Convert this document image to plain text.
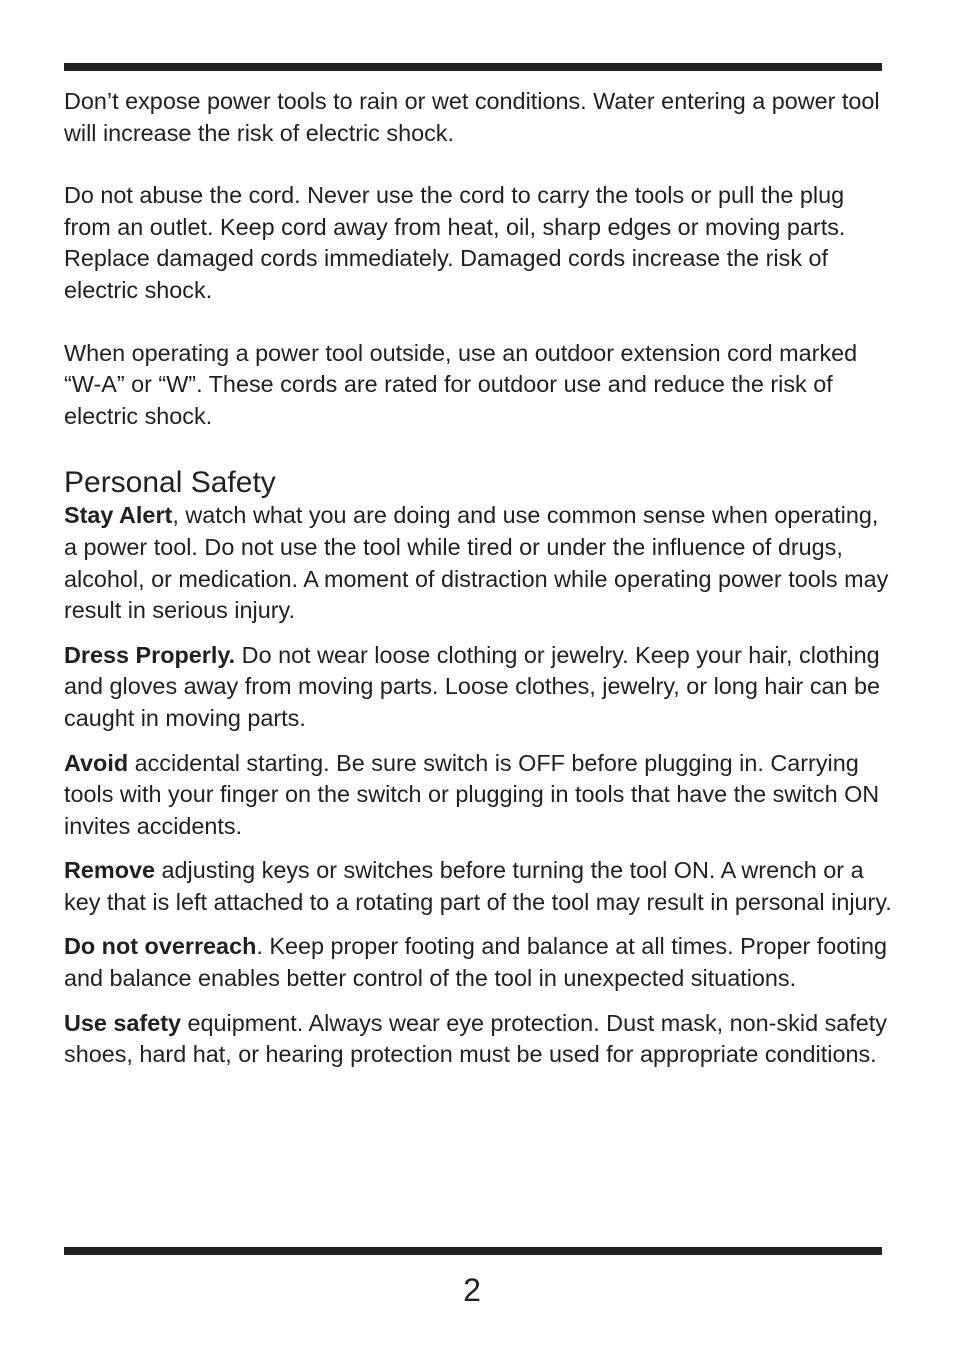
Don’t expose power tools to rain or wet conditions. Water entering a power tool will increase the risk of electric shock.

Do not abuse the cord. Never use the cord to carry the tools or pull the plug from an outlet. Keep cord away from heat, oil, sharp edges or moving parts. Replace damaged cords immediately. Damaged cords increase the risk of electric shock.

When operating a power tool outside, use an outdoor extension cord marked “W-A” or “W”. These cords are rated for outdoor use and reduce the risk of electric shock.

Personal Safety

Stay Alert, watch what you are doing and use common sense when operating, a power tool. Do not use the tool while tired or under the influence of drugs, alcohol, or medication. A moment of distraction while operating power tools may result in serious injury.

Dress Properly. Do not wear loose clothing or jewelry. Keep your hair, clothing and gloves away from moving parts. Loose clothes, jewelry, or long hair can be caught in moving parts.

Avoid accidental starting. Be sure switch is OFF before plugging in. Carrying tools with your finger on the switch or plugging in tools that have the switch ON invites accidents.

Remove adjusting keys or switches before turning the tool ON. A wrench or a key that is left attached to a rotating part of the tool may result in personal injury.

Do not overreach. Keep proper footing and balance at all times. Proper footing and balance enables better control of the tool in unexpected situations.

Use safety equipment. Always wear eye protection. Dust mask, non-skid safety shoes, hard hat, or hearing protection must be used for appropriate conditions.

2
